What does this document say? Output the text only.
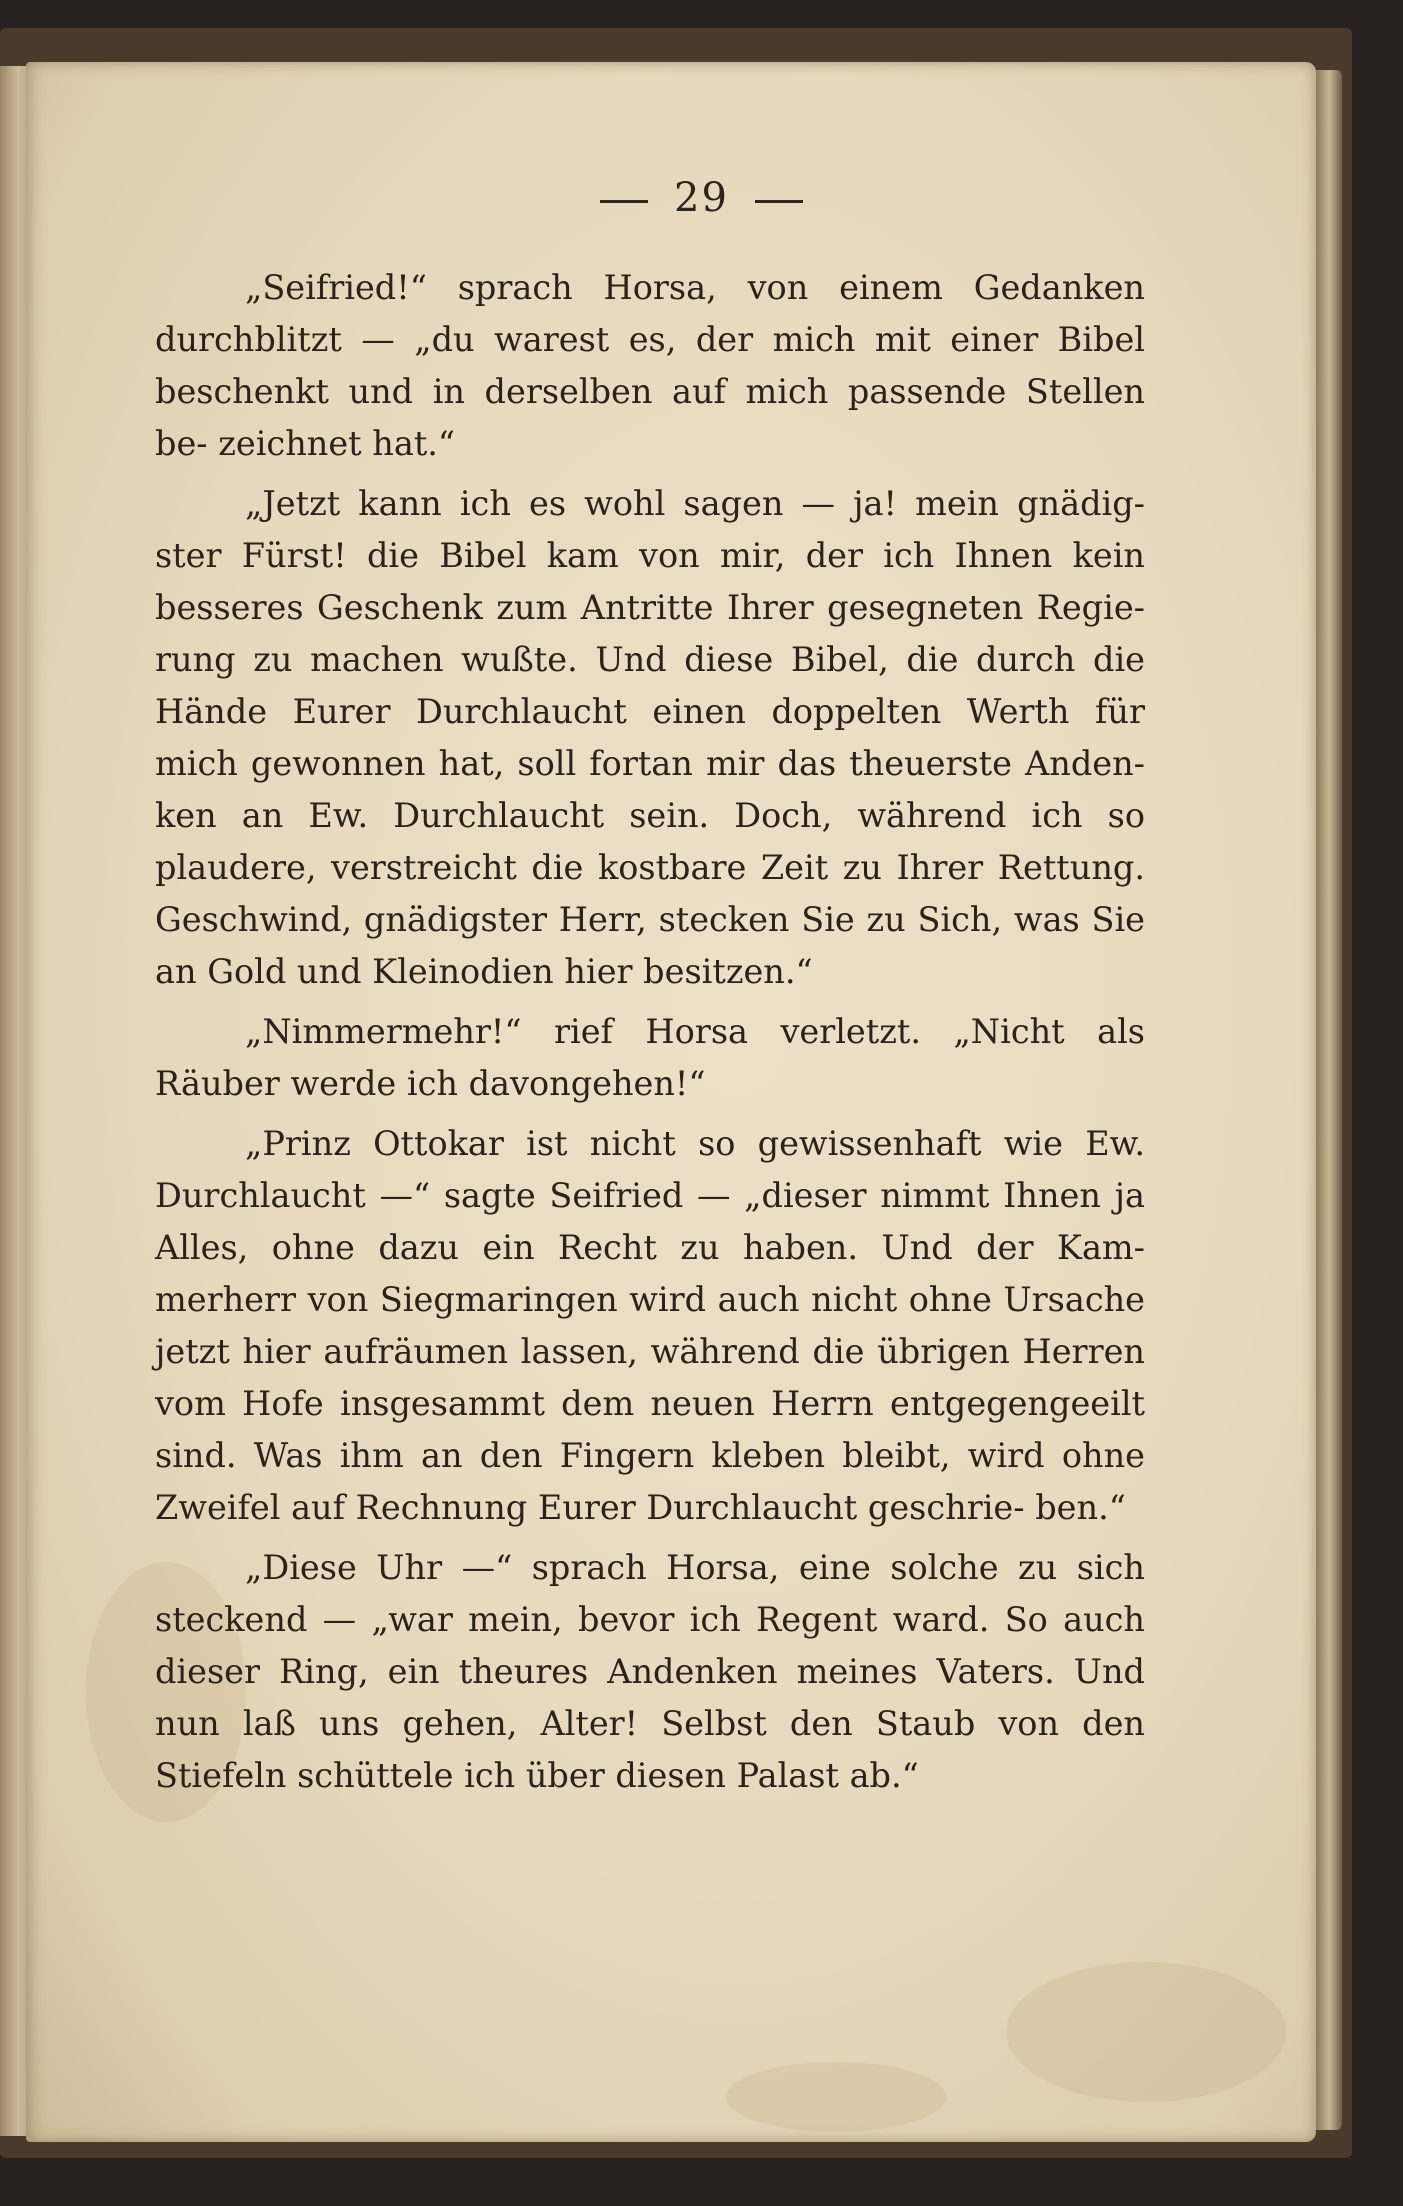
29

„Seifried!“ sprach Horsa, von einem Gedanken durchblitzt — „du warest es, der mich mit einer Bibel beschenkt und in derselben auf mich passende Stellen be- zeichnet hat.“

„Jetzt kann ich es wohl sagen — ja! mein gnädig- ster Fürst! die Bibel kam von mir, der ich Ihnen kein besseres Geschenk zum Antritte Ihrer gesegneten Regie- rung zu machen wußte. Und diese Bibel, die durch die Hände Eurer Durchlaucht einen doppelten Werth für mich gewonnen hat, soll fortan mir das theuerste Anden- ken an Ew. Durchlaucht sein. Doch, während ich so plaudere, verstreicht die kostbare Zeit zu Ihrer Rettung. Geschwind, gnädigster Herr, stecken Sie zu Sich, was Sie an Gold und Kleinodien hier besitzen.“

„Nimmermehr!“ rief Horsa verletzt. „Nicht als Räuber werde ich davongehen!“

„Prinz Ottokar ist nicht so gewissenhaft wie Ew. Durchlaucht —“ sagte Seifried — „dieser nimmt Ihnen ja Alles, ohne dazu ein Recht zu haben. Und der Kam- merherr von Siegmaringen wird auch nicht ohne Ursache jetzt hier aufräumen lassen, während die übrigen Herren vom Hofe insgesammt dem neuen Herrn entgegengeeilt sind. Was ihm an den Fingern kleben bleibt, wird ohne Zweifel auf Rechnung Eurer Durchlaucht geschrie- ben.“

„Diese Uhr —“ sprach Horsa, eine solche zu sich steckend — „war mein, bevor ich Regent ward. So auch dieser Ring, ein theures Andenken meines Vaters. Und nun laß uns gehen, Alter! Selbst den Staub von den Stiefeln schüttele ich über diesen Palast ab.“
